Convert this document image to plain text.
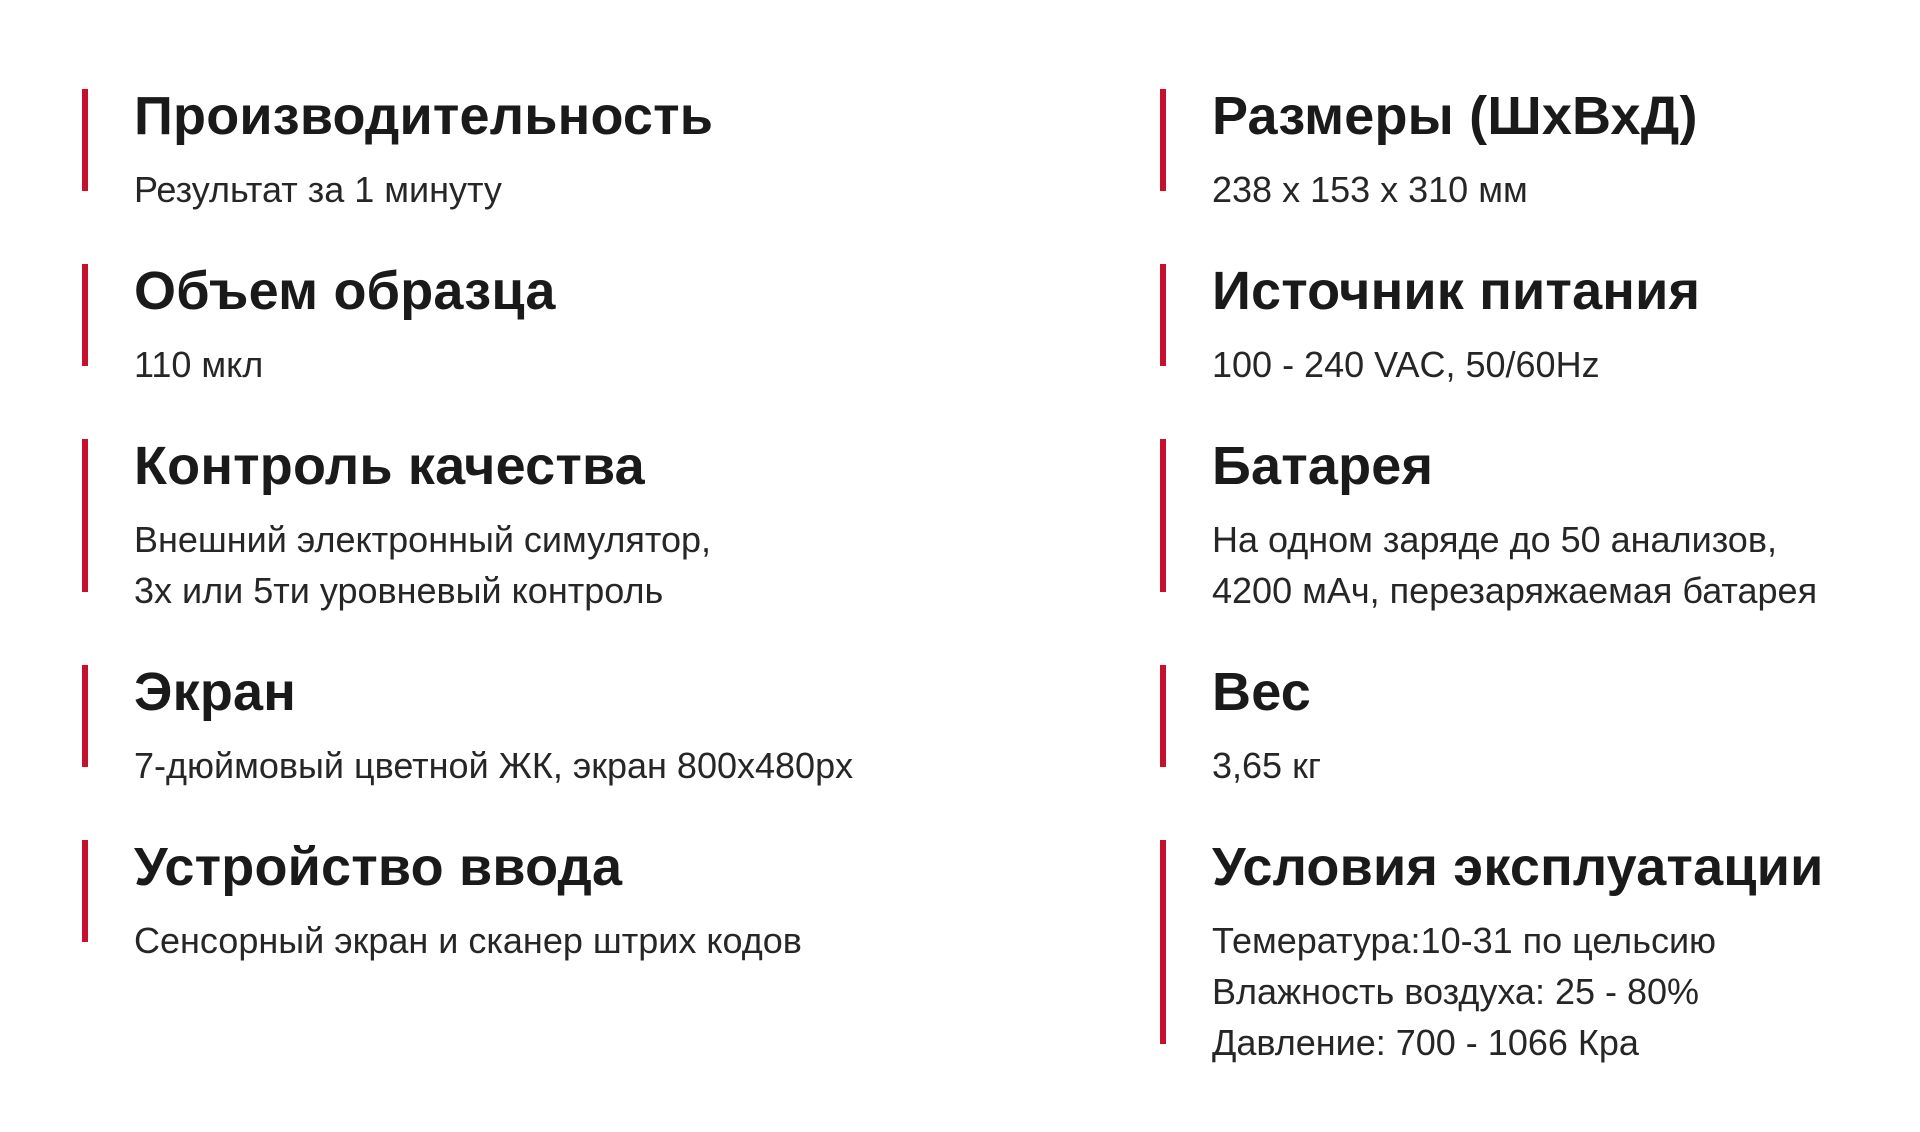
Производительность
Результат за 1 минуту
Объем образца
110 мкл
Контроль качества
Внешний электронный симулятор,
3х или 5ти уровневый контроль
Экран
7-дюймовый цветной ЖК, экран 800x480px
Устройство ввода
Сенсорный экран и сканер штрих кодов
Размеры (ШхВхД)
238 x 153 x 310 мм
Источник питания
100 - 240 VAC, 50/60Hz
Батарея
На одном заряде до 50 анализов,
4200 мАч, перезаряжаемая батарея
Вес
3,65 кг
Условия эксплуатации
Темература:10-31 по цельсию
Влажность воздуха: 25 - 80%
Давление: 700 - 1066 Кра
